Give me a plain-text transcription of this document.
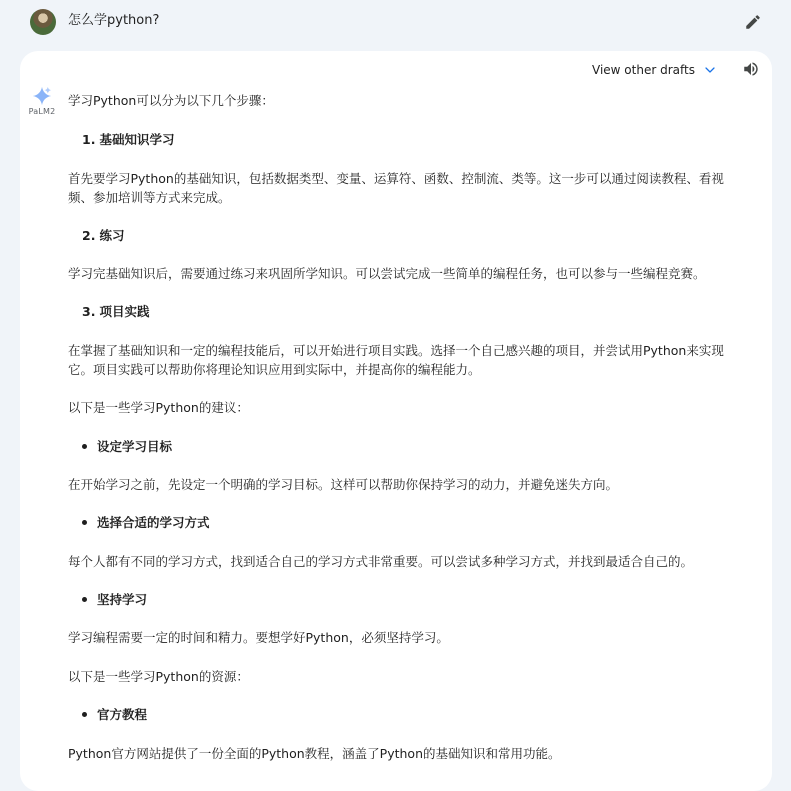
怎么学python?
View other drafts
PaLM2
学习Python可以分为以下几个步骤：
1. 基础知识学习
首先要学习Python的基础知识，包括数据类型、变量、运算符、函数、控制流、类等。这一步可以通过阅读教程、看视
频、参加培训等方式来完成。
2. 练习
学习完基础知识后，需要通过练习来巩固所学知识。可以尝试完成一些简单的编程任务，也可以参与一些编程竞赛。
3. 项目实践
在掌握了基础知识和一定的编程技能后，可以开始进行项目实践。选择一个自己感兴趣的项目，并尝试用Python来实现
它。项目实践可以帮助你将理论知识应用到实际中，并提高你的编程能力。
以下是一些学习Python的建议：
设定学习目标
在开始学习之前，先设定一个明确的学习目标。这样可以帮助你保持学习的动力，并避免迷失方向。
选择合适的学习方式
每个人都有不同的学习方式，找到适合自己的学习方式非常重要。可以尝试多种学习方式，并找到最适合自己的。
坚持学习
学习编程需要一定的时间和精力。要想学好Python，必须坚持学习。
以下是一些学习Python的资源：
官方教程
Python官方网站提供了一份全面的Python教程，涵盖了Python的基础知识和常用功能。
